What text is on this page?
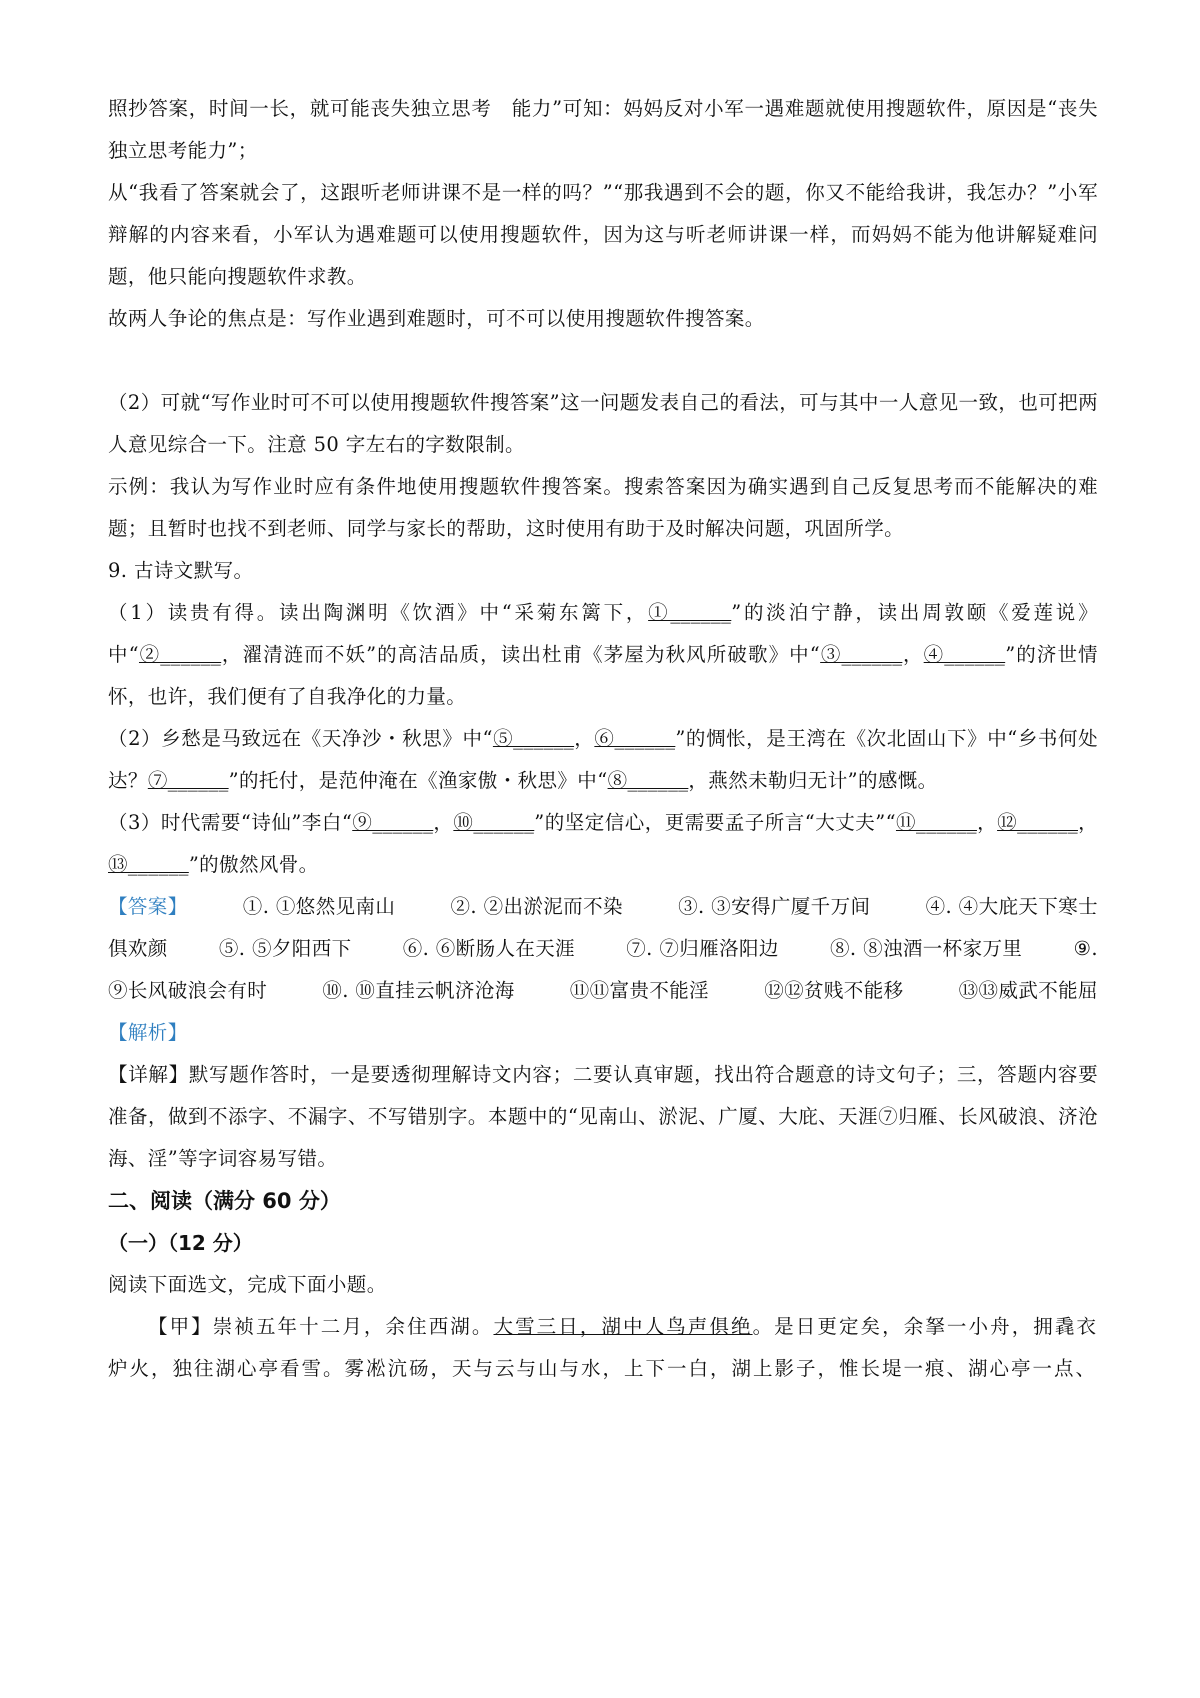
照抄答案，时间一长，就可能丧失独立思考　能力”可知：妈妈反对小军一遇难题就使用搜题软件，原因是“丧失独立思考能力”；

从“我看了答案就会了，这跟听老师讲课不是一样的吗？”“那我遇到不会的题，你又不能给我讲，我怎办？”小军辩解的内容来看，小军认为遇难题可以使用搜题软件，因为这与听老师讲课一样，而妈妈不能为他讲解疑难问题，他只能向搜题软件求教。

故两人争论的焦点是：写作业遇到难题时，可不可以使用搜题软件搜答案。

（2）可就“写作业时可不可以使用搜题软件搜答案”这一问题发表自己的看法，可与其中一人意见一致，也可把两人意见综合一下。注意 50 字左右的字数限制。

示例：我认为写作业时应有条件地使用搜题软件搜答案。搜索答案因为确实遇到自己反复思考而不能解决的难题；且暂时也找不到老师、同学与家长的帮助，这时使用有助于及时解决问题，巩固所学。

9. 古诗文默写。

（1）读贵有得。读出陶渊明《饮酒》中“采菊东篱下，①______”的淡泊宁静，读出周敦颐《爱莲说》中“②______，濯清涟而不妖”的高洁品质，读出杜甫《茅屋为秋风所破歌》中“③______，④______”的济世情怀，也许，我们便有了自我净化的力量。

（2）乡愁是马致远在《天净沙・秋思》中“⑤______，⑥______”的惆怅，是王湾在《次北固山下》中“乡书何处达？⑦______”的托付，是范仲淹在《渔家傲・秋思》中“⑧______，燕然未勒归无计”的感慨。

（3）时代需要“诗仙”李白“⑨______，⑩______”的坚定信心，更需要孟子所言“大丈夫”“⑪______，⑫______，⑬______”的傲然风骨。

【答案】	①. ①悠然见南山	②. ②出淤泥而不染	③. ③安得广厦千万间	④. ④大庇天下寒士

俱欢颜	⑤. ⑤夕阳西下	⑥. ⑥断肠人在天涯	⑦. ⑦归雁洛阳边	⑧. ⑧浊酒一杯家万里	⑨.

⑨长风破浪会有时	⑩. ⑩直挂云帆济沧海	⑪⑪富贵不能淫	⑫⑫贫贱不能移	⑬⑬威武不能屈

【解析】

【详解】默写题作答时，一是要透彻理解诗文内容；二要认真审题，找出符合题意的诗文句子；三，答题内容要准备，做到不添字、不漏字、不写错别字。本题中的“见南山、淤泥、广厦、大庇、天涯⑦归雁、长风破浪、济沧海、淫”等字词容易写错。

二、阅读（满分 60 分）
（一）（12 分）

阅读下面选文，完成下面小题。

【甲】崇祯五年十二月，余住西湖。大雪三日，湖中人鸟声俱绝。是日更定矣，余拏一小舟，拥毳衣炉火，独往湖心亭看雪。雾凇沆砀，天与云与山与水，上下一白，湖上影子，惟长堤一痕、湖心亭一点、
